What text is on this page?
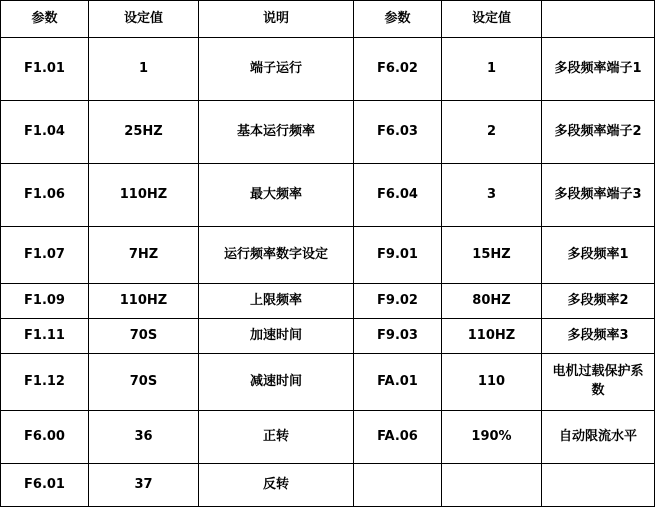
参数	设定值	说明	参数	设定值	
F1.01	1	端子运行	F6.02	1	多段频率端子1
F1.04	25HZ	基本运行频率	F6.03	2	多段频率端子2
F1.06	110HZ	最大频率	F6.04	3	多段频率端子3
F1.07	7HZ	运行频率数字设定	F9.01	15HZ	多段频率1
F1.09	110HZ	上限频率	F9.02	80HZ	多段频率2
F1.11	70S	加速时间	F9.03	110HZ	多段频率3
F1.12	70S	减速时间	FA.01	110	电机过载保护系数
F6.00	36	正转	FA.06	190%	自动限流水平
F6.01	37	反转			
